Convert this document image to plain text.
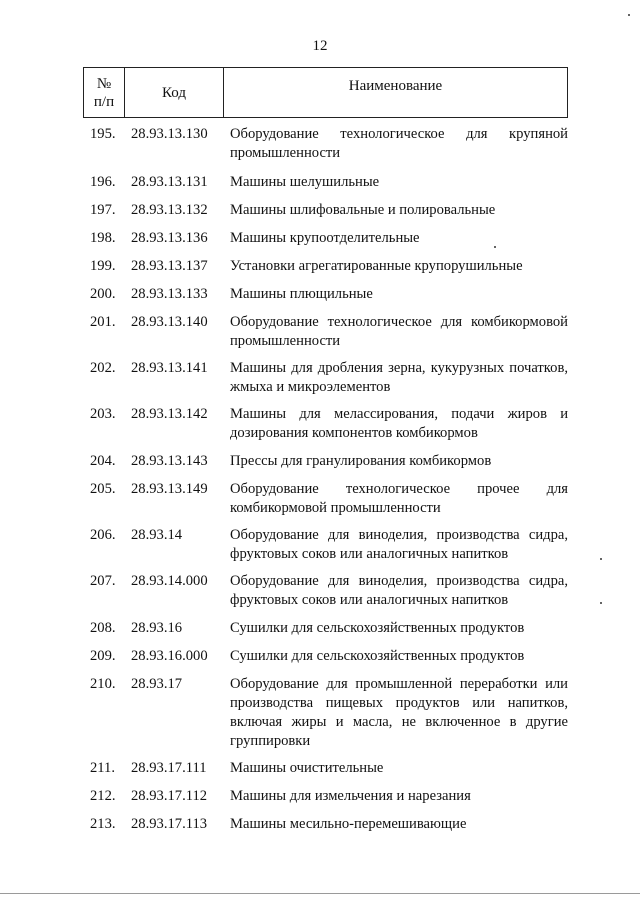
12
№ п/п	Код	Наименование
195.	28.93.13.130	Оборудование технологическое для крупяной промышленности
196.	28.93.13.131	Машины шелушильные
197.	28.93.13.132	Машины шлифовальные и полировальные
198.	28.93.13.136	Машины крупоотделительные
199.	28.93.13.137	Установки агрегатированные крупорушильные
200.	28.93.13.133	Машины плющильные
201.	28.93.13.140	Оборудование технологическое для комбикормовой промышленности
202.	28.93.13.141	Машины для дробления зерна, кукурузных початков, жмыха и микроэлементов
203.	28.93.13.142	Машины для мелассирования, подачи жиров и дозирования компонентов комбикормов
204.	28.93.13.143	Прессы для гранулирования комбикормов
205.	28.93.13.149	Оборудование технологическое прочее для комбикормовой промышленности
206.	28.93.14	Оборудование для виноделия, производства сидра, фруктовых соков или аналогичных напитков
207.	28.93.14.000	Оборудование для виноделия, производства сидра, фруктовых соков или аналогичных напитков
208.	28.93.16	Сушилки для сельскохозяйственных продуктов
209.	28.93.16.000	Сушилки для сельскохозяйственных продуктов
210.	28.93.17	Оборудование для промышленной переработки или производства пищевых продуктов или напитков, включая жиры и масла, не включенное в другие группировки
211.	28.93.17.111	Машины очистительные
212.	28.93.17.112	Машины для измельчения и нарезания
213.	28.93.17.113	Машины месильно-перемешивающие
